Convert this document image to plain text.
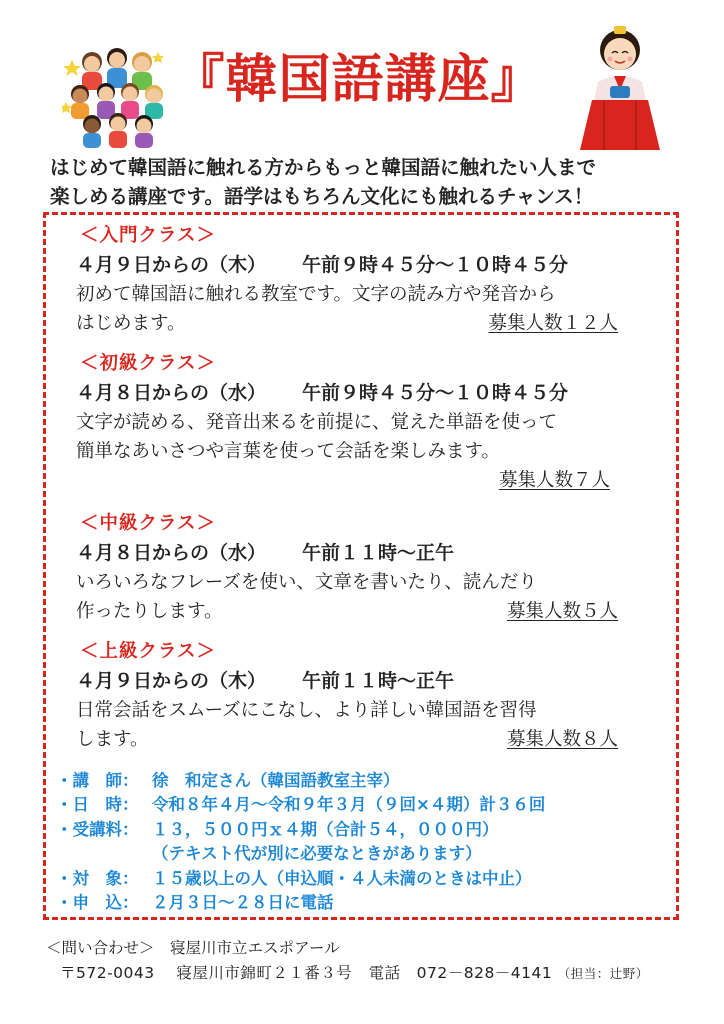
『韓国語講座』
はじめて韓国語に触れる方からもっと韓国語に触れたい人まで
楽しめる講座です。語学はもちろん文化にも触れるチャンス！
＜入門クラス＞
４月９日からの（木） 午前９時４５分～１０時４５分
初めて韓国語に触れる教室です。文字の読み方や発音から
はじめます。	募集人数１２人
＜初級クラス＞
４月８日からの（水） 午前９時４５分～１０時４５分
文字が読める、発音出来るを前提に、覚えた単語を使って
簡単なあいさつや言葉を使って会話を楽しみます。
募集人数７人
＜中級クラス＞
４月８日からの（水） 午前１１時～正午
いろいろなフレーズを使い、文章を書いたり、読んだり
作ったりします。	募集人数５人
＜上級クラス＞
４月９日からの（木） 午前１１時～正午
日常会話をスムーズにこなし、より詳しい韓国語を習得
します。	募集人数８人
・講　師： 徐　和定さん（韓国語教室主宰）
・日　時： 令和８年４月～令和９年３月（９回×４期）計３６回
・受講料： １３，５００円ｘ４期（合計５４，０００円）
（テキスト代が別に必要なときがあります）
・対　象： １５歳以上の人（申込順・４人未満のときは中止）
・申　込： ２月３日～２８日に電話
＜問い合わせ＞　寝屋川市立エスポアール
〒572-0043 寝屋川市錦町２１番３号 電話　072－828－4141 （担当：辻野）
